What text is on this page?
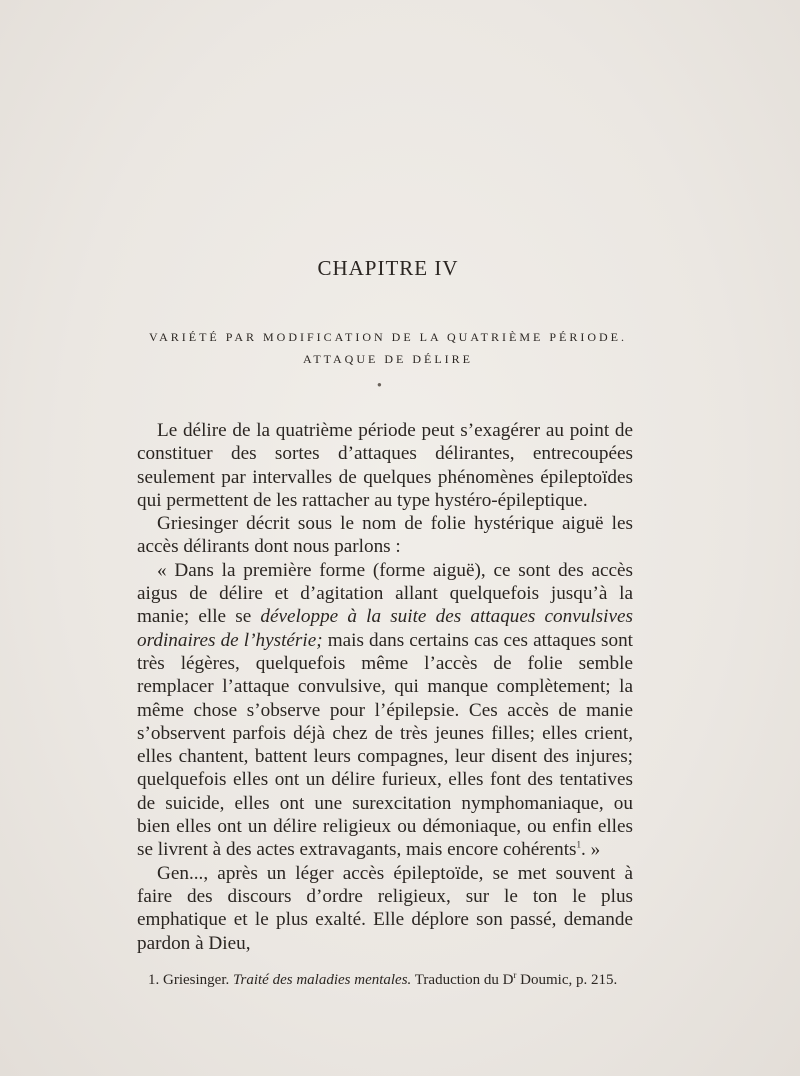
CHAPITRE IV
VARIÉTÉ PAR MODIFICATION DE LA QUATRIÈME PÉRIODE.
ATTAQUE DE DÉLIRE
●

Le délire de la quatrième période peut s’exagérer au point de constituer des sortes d’attaques délirantes, entrecoupées seulement par intervalles de quelques phénomènes épileptoïdes qui permettent de les rattacher au type hystéro-épileptique.

Griesinger décrit sous le nom de folie hystérique aiguë les accès délirants dont nous parlons :

« Dans la première forme (forme aiguë), ce sont des accès aigus de délire et d’agitation allant quelquefois jusqu’à la manie; elle se développe à la suite des attaques convulsives ordinaires de l’hystérie; mais dans certains cas ces attaques sont très légères, quelquefois même l’accès de folie semble remplacer l’attaque convulsive, qui manque complètement; la même chose s’observe pour l’épilepsie. Ces accès de manie s’observent parfois déjà chez de très jeunes filles; elles crient, elles chantent, battent leurs compagnes, leur disent des injures; quelquefois elles ont un délire furieux, elles font des tentatives de suicide, elles ont une surexcitation nymphomaniaque, ou bien elles ont un délire religieux ou démoniaque, ou enfin elles se livrent à des actes extravagants, mais encore cohérents$^1$. »

Gen..., après un léger accès épileptoïde, se met souvent à faire des discours d’ordre religieux, sur le ton le plus emphatique et le plus exalté. Elle déplore son passé, demande pardon à Dieu,

1. Griesinger. Traité des maladies mentales. Traduction du $D^r$ Doumic, p. 215.
